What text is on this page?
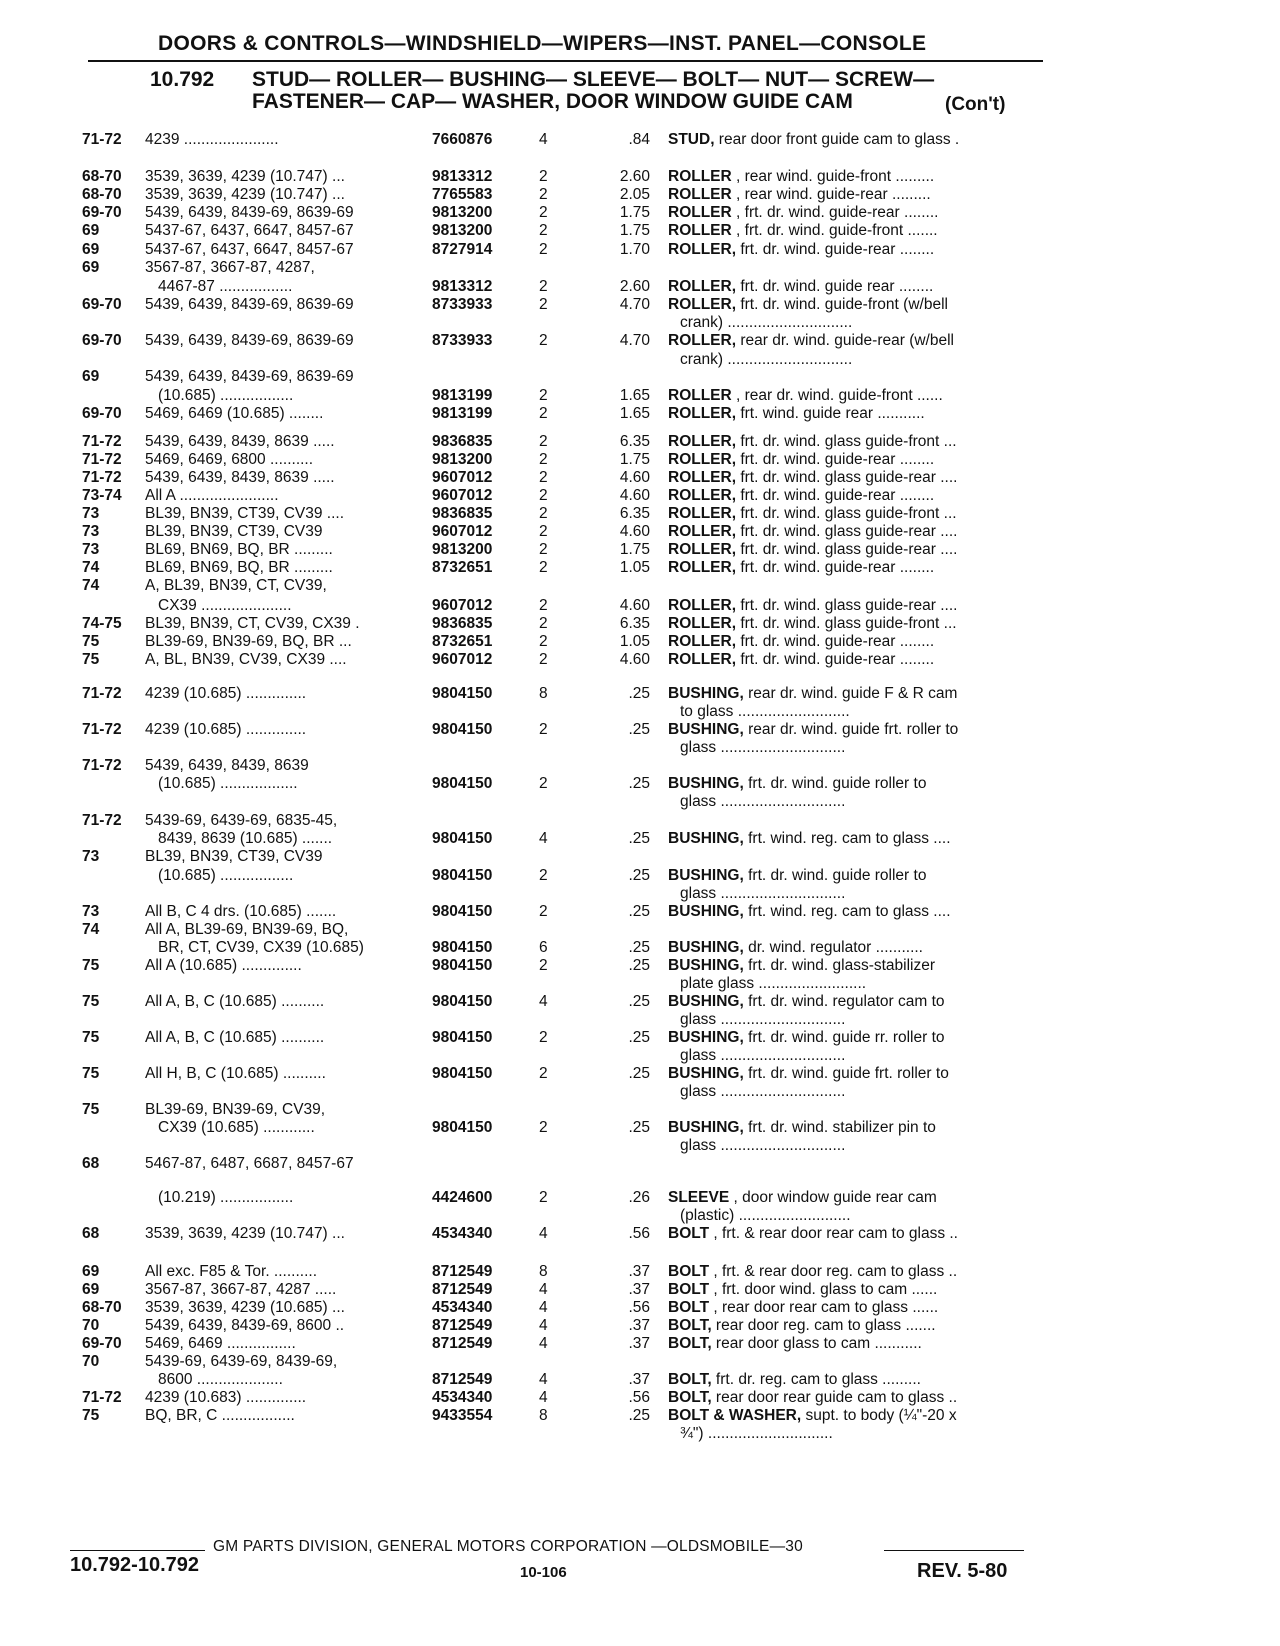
DOORS & CONTROLS—WINDSHIELD—WIPERS—INST. PANEL—CONSOLE
10.792 STUD— ROLLER— BUSHING— SLEEVE— BOLT— NUT— SCREW—
FASTENER— CAP— WASHER, DOOR WINDOW GUIDE CAM	(Con't)
71-72	4239 ......................	7660876	4	.84 STUD, rear door front guide cam to glass .
68-70	3539, 3639, 4239 (10.747) ...	9813312	2	2.60 ROLLER , rear wind. guide-front .........
68-70	3539, 3639, 4239 (10.747) ...	7765583	2	2.05 ROLLER , rear wind. guide-rear .........
69-70	5439, 6439, 8439-69, 8639-69	9813200	2	1.75 ROLLER , frt. dr. wind. guide-rear ........
69	5437-67, 6437, 6647, 8457-67	9813200	2	1.75 ROLLER , frt. dr. wind. guide-front .......
69	5437-67, 6437, 6647, 8457-67	8727914	2	1.70 ROLLER, frt. dr. wind. guide-rear ........
69	3567-87, 3667-87, 4287,
4467-87 .................	9813312	2	2.60 ROLLER, frt. dr. wind. guide rear ........
69-70	5439, 6439, 8439-69, 8639-69	8733933	2	4.70 ROLLER, frt. dr. wind. guide-front (w/bell
crank) .............................
69-70	5439, 6439, 8439-69, 8639-69	8733933	2	4.70 ROLLER, rear dr. wind. guide-rear (w/bell
crank) .............................
69	5439, 6439, 8439-69, 8639-69
(10.685) .................	9813199	2	1.65 ROLLER , rear dr. wind. guide-front ......
69-70	5469, 6469 (10.685) ........	9813199	2	1.65 ROLLER, frt. wind. guide rear ...........
71-72	5439, 6439, 8439, 8639 .....	9836835	2	6.35 ROLLER, frt. dr. wind. glass guide-front ...
71-72	5469, 6469, 6800 ..........	9813200	2	1.75 ROLLER, frt. dr. wind. guide-rear ........
71-72	5439, 6439, 8439, 8639 .....	9607012	2	4.60 ROLLER, frt. dr. wind. glass guide-rear ....
73-74	All A .......................	9607012	2	4.60 ROLLER, frt. dr. wind. guide-rear ........
73	BL39, BN39, CT39, CV39 ....	9836835	2	6.35 ROLLER, frt. dr. wind. glass guide-front ...
73	BL39, BN39, CT39, CV39	9607012	2	4.60 ROLLER, frt. dr. wind. glass guide-rear ....
73	BL69, BN69, BQ, BR .........	9813200	2	1.75 ROLLER, frt. dr. wind. glass guide-rear ....
74	BL69, BN69, BQ, BR .........	8732651	2	1.05 ROLLER, frt. dr. wind. guide-rear ........
74	A, BL39, BN39, CT, CV39,
CX39 .....................	9607012	2	4.60 ROLLER, frt. dr. wind. glass guide-rear ....
74-75	BL39, BN39, CT, CV39, CX39 .	9836835	2	6.35 ROLLER, frt. dr. wind. glass guide-front ...
75	BL39-69, BN39-69, BQ, BR ...	8732651	2	1.05 ROLLER, frt. dr. wind. guide-rear ........
75	A, BL, BN39, CV39, CX39 ....	9607012	2	4.60 ROLLER, frt. dr. wind. guide-rear ........
71-72	4239 (10.685) ..............	9804150	8	.25 BUSHING, rear dr. wind. guide F & R cam
to glass ..........................
71-72	4239 (10.685) ..............	9804150	2	.25 BUSHING, rear dr. wind. guide frt. roller to
glass .............................
71-72	5439, 6439, 8439, 8639
(10.685) ..................	9804150	2	.25 BUSHING, frt. dr. wind. guide roller to
glass .............................
71-72	5439-69, 6439-69, 6835-45,
8439, 8639 (10.685) .......	9804150	4	.25 BUSHING, frt. wind. reg. cam to glass ....
73	BL39, BN39, CT39, CV39
(10.685) .................	9804150	2	.25 BUSHING, frt. dr. wind. guide roller to
glass .............................
73	All B, C 4 drs. (10.685) .......	9804150	2	.25 BUSHING, frt. wind. reg. cam to glass ....
74	All A, BL39-69, BN39-69, BQ,
BR, CT, CV39, CX39 (10.685)	9804150	6	.25 BUSHING, dr. wind. regulator ...........
75	All A (10.685) ..............	9804150	2	.25 BUSHING, frt. dr. wind. glass-stabilizer
plate glass .........................
75	All A, B, C (10.685) ..........	9804150	4	.25 BUSHING, frt. dr. wind. regulator cam to
glass .............................
75	All A, B, C (10.685) ..........	9804150	2	.25 BUSHING, frt. dr. wind. guide rr. roller to
glass .............................
75	All H, B, C (10.685) ..........	9804150	2	.25 BUSHING, frt. dr. wind. guide frt. roller to
glass .............................
75	BL39-69, BN39-69, CV39,
CX39 (10.685) ............	9804150	2	.25 BUSHING, frt. dr. wind. stabilizer pin to
glass .............................
68	5467-87, 6487, 6687, 8457-67
(10.219) .................	4424600	2	.26 SLEEVE , door window guide rear cam
(plastic) ..........................
68	3539, 3639, 4239 (10.747) ...	4534340	4	.56 BOLT , frt. & rear door rear cam to glass ..
69	All exc. F85 & Tor. ..........	8712549	8	.37 BOLT , frt. & rear door reg. cam to glass ..
69	3567-87, 3667-87, 4287 .....	8712549	4	.37 BOLT , frt. door wind. glass to cam ......
68-70	3539, 3639, 4239 (10.685) ...	4534340	4	.56 BOLT , rear door rear cam to glass ......
70	5439, 6439, 8439-69, 8600 ..	8712549	4	.37 BOLT, rear door reg. cam to glass .......
69-70	5469, 6469 ................	8712549	4	.37 BOLT, rear door glass to cam ...........
70	5439-69, 6439-69, 8439-69,
8600 ....................	8712549	4	.37 BOLT, frt. dr. reg. cam to glass .........
71-72	4239 (10.683) ..............	4534340	4	.56 BOLT, rear door rear guide cam to glass ..
75	BQ, BR, C .................	9433554	8	.25 BOLT & WASHER, supt. to body (¼"-20 x
¾") .............................
GM PARTS DIVISION, GENERAL MOTORS CORPORATION —OLDSMOBILE—30
10.792-10.792	10-106	REV. 5-80
